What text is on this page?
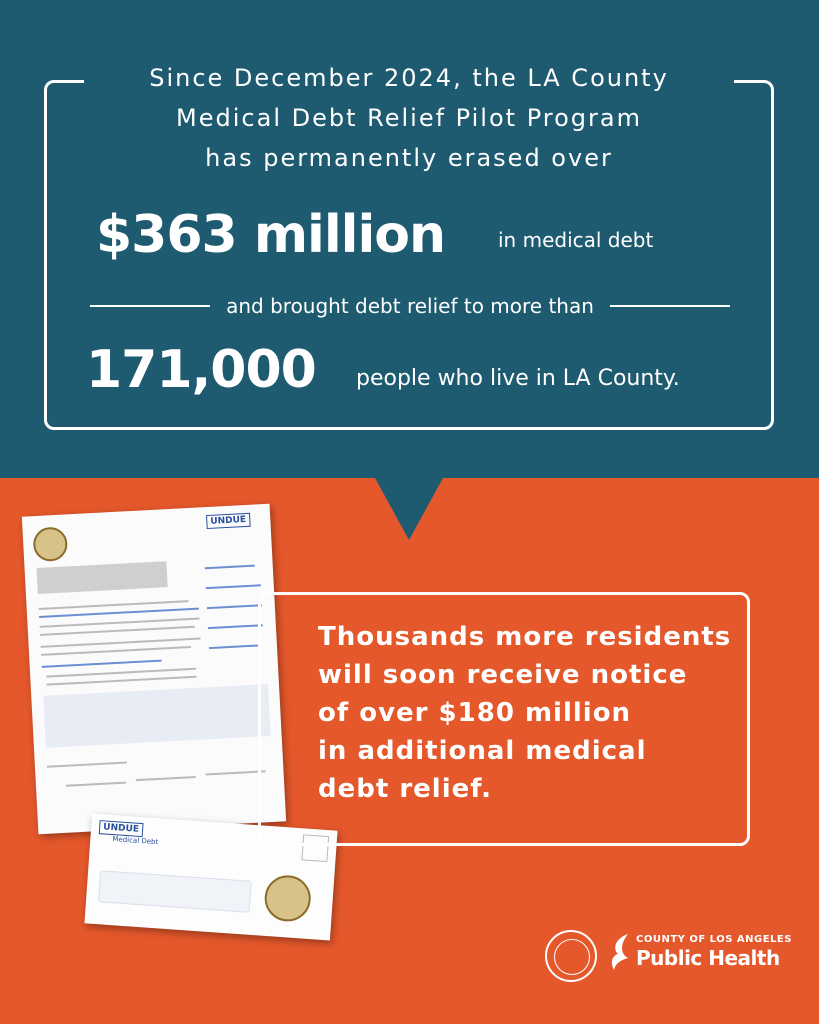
Since December 2024, the LA County
Medical Debt Relief Pilot Program
has permanently erased over
$363 million	in medical debt
and brought debt relief to more than
171,000 people who live in LA County.
UNDUE
UNDUE
Medical Debt
Thousands more residents
will soon receive notice
of over $180 million
in additional medical
debt relief.
COUNTY OF LOS ANGELES
Public Health
